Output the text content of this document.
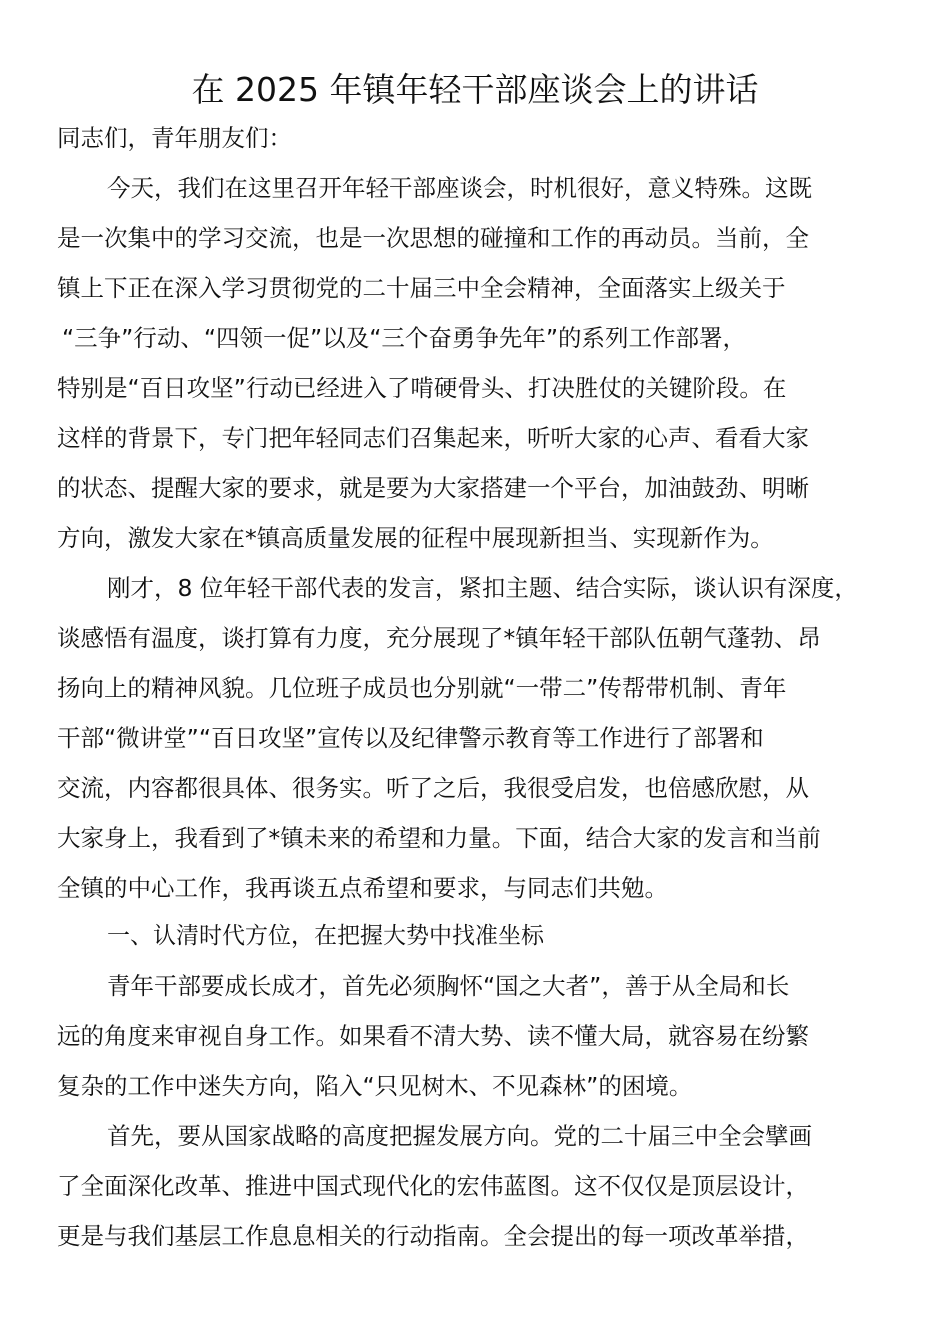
在 2025 年镇年轻干部座谈会上的讲话
同志们，青年朋友们：
今天，我们在这里召开年轻干部座谈会，时机很好，意义特殊。这既
是一次集中的学习交流，也是一次思想的碰撞和工作的再动员。当前，全
镇上下正在深入学习贯彻党的二十届三中全会精神，全面落实上级关于
“三争”行动、“四领一促”以及“三个奋勇争先年”的系列工作部署，
特别是“百日攻坚”行动已经进入了啃硬骨头、打决胜仗的关键阶段。在
这样的背景下，专门把年轻同志们召集起来，听听大家的心声、看看大家
的状态、提醒大家的要求，就是要为大家搭建一个平台，加油鼓劲、明晰
方向，激发大家在*镇高质量发展的征程中展现新担当、实现新作为。
刚才，8 位年轻干部代表的发言，紧扣主题、结合实际，谈认识有深度，
谈感悟有温度，谈打算有力度，充分展现了*镇年轻干部队伍朝气蓬勃、昂
扬向上的精神风貌。几位班子成员也分别就“一带二”传帮带机制、青年
干部“微讲堂”“百日攻坚”宣传以及纪律警示教育等工作进行了部署和
交流，内容都很具体、很务实。听了之后，我很受启发，也倍感欣慰，从
大家身上，我看到了*镇未来的希望和力量。下面，结合大家的发言和当前
全镇的中心工作，我再谈五点希望和要求，与同志们共勉。
一、认清时代方位，在把握大势中找准坐标
青年干部要成长成才，首先必须胸怀“国之大者”，善于从全局和长
远的角度来审视自身工作。如果看不清大势、读不懂大局，就容易在纷繁
复杂的工作中迷失方向，陷入“只见树木、不见森林”的困境。
首先，要从国家战略的高度把握发展方向。党的二十届三中全会擘画
了全面深化改革、推进中国式现代化的宏伟蓝图。这不仅仅是顶层设计，
更是与我们基层工作息息相关的行动指南。全会提出的每一项改革举措，
